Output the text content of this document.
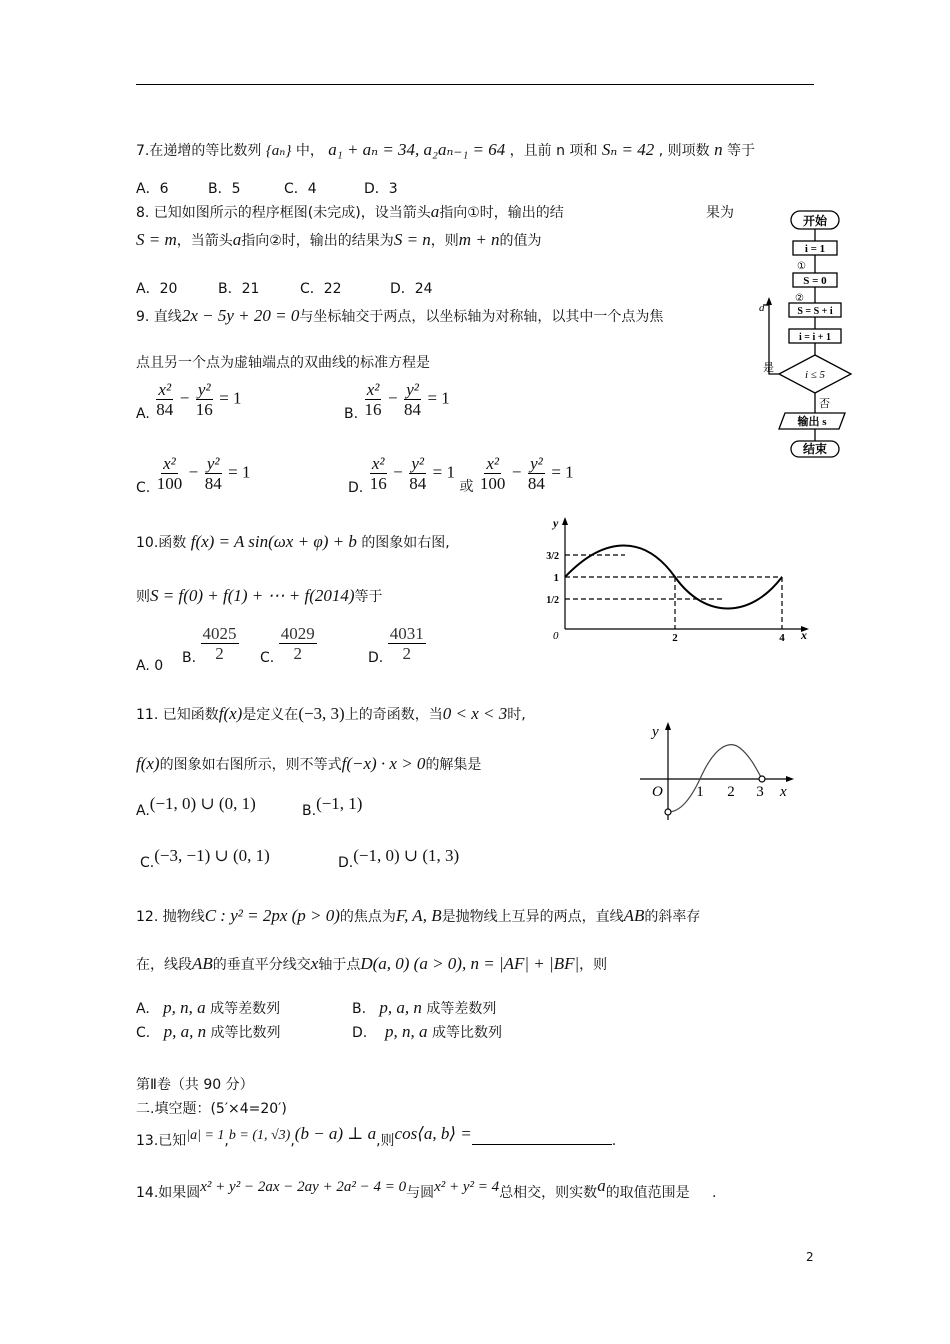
7.在递增的等比数列 {aₙ} 中， a₁ + aₙ = 34, a₂aₙ₋₁ = 64 ，且前 n 项和 Sₙ = 42 , 则项数 n 等于
A．6	B．5	C．4	D．3
8. 已知如图所示的程序框图(未完成)，设当箭头a指向①时，输出的结	果为
S = m，当箭头a指向②时，输出的结果为S = n，则m + n的值为
A．20	B．21	C．22	D．24
开始
i = 1
①
S = 0
②
S = S + i
i = i + 1
i ≤ 5
是
否
输出 s
结束
a
9. 直线2x − 5y + 20 = 0与坐标轴交于两点，以坐标轴为对称轴，以其中一个点为焦
点且另一个点为虚轴端点的双曲线的标准方程是
A. $\frac{\text{x²}}{84} - \frac{\text{y²}}{16} = 1$
B. $\frac{\text{x²}}{16} - \frac{\text{y²}}{84} = 1$
C. $\frac{\text{x²}}{100} - \frac{\text{y²}}{84} = 1$
D. $\frac{\text{x²}}{16} - \frac{\text{y²}}{84} = 1$ 或 $\frac{\text{x²}}{100} - \frac{\text{y²}}{84} = 1$
10.函数 f(x) = A sin(ωx + φ) + b 的图象如右图,
则S = f(0) + f(1) + ⋯ + f(2014)等于
A. 0
B. $\frac{4025}{2} C$. $\frac{4029}{2}$	D. $\frac{4031}{2}$
y
x
0
3/2
1
1/2
2	4
11. 已知函数f(x)是定义在(−3, 3)上的奇函数，当0 < x < 3时,
f(x)的图象如右图所示，则不等式f(−x) · x > 0的解集是
A.(−1, 0) ∪ (0, 1)	B.(−1, 1)
C.(−3, −1) ∪ (0, 1)	D.(−1, 0) ∪ (1, 3)
y
x
O 1 2 3
12. 抛物线C : y² = 2px (p > 0)的焦点为F, A, B是抛物线上互异的两点，直线AB的斜率存
在，线段AB的垂直平分线交x轴于点D(a, 0) (a > 0), n = |AF| + |BF|，则
A. p, n, a 成等差数列	B. p, a, n 成等差数列
C. p, a, n 成等比数列	D. p, n, a 成等比数列
第Ⅱ卷（共 90 分）
二.填空题：(5′×4=20′)
13.已知|a| = 1,b = (1, √3),(b − a) ⊥ a,则cos⟨a, b⟩ =	.
14.如果圆x² + y² − 2ax − 2ay + 2a² − 4 = 0与圆x² + y² = 4总相交，则实数a的取值范围是 .
2
